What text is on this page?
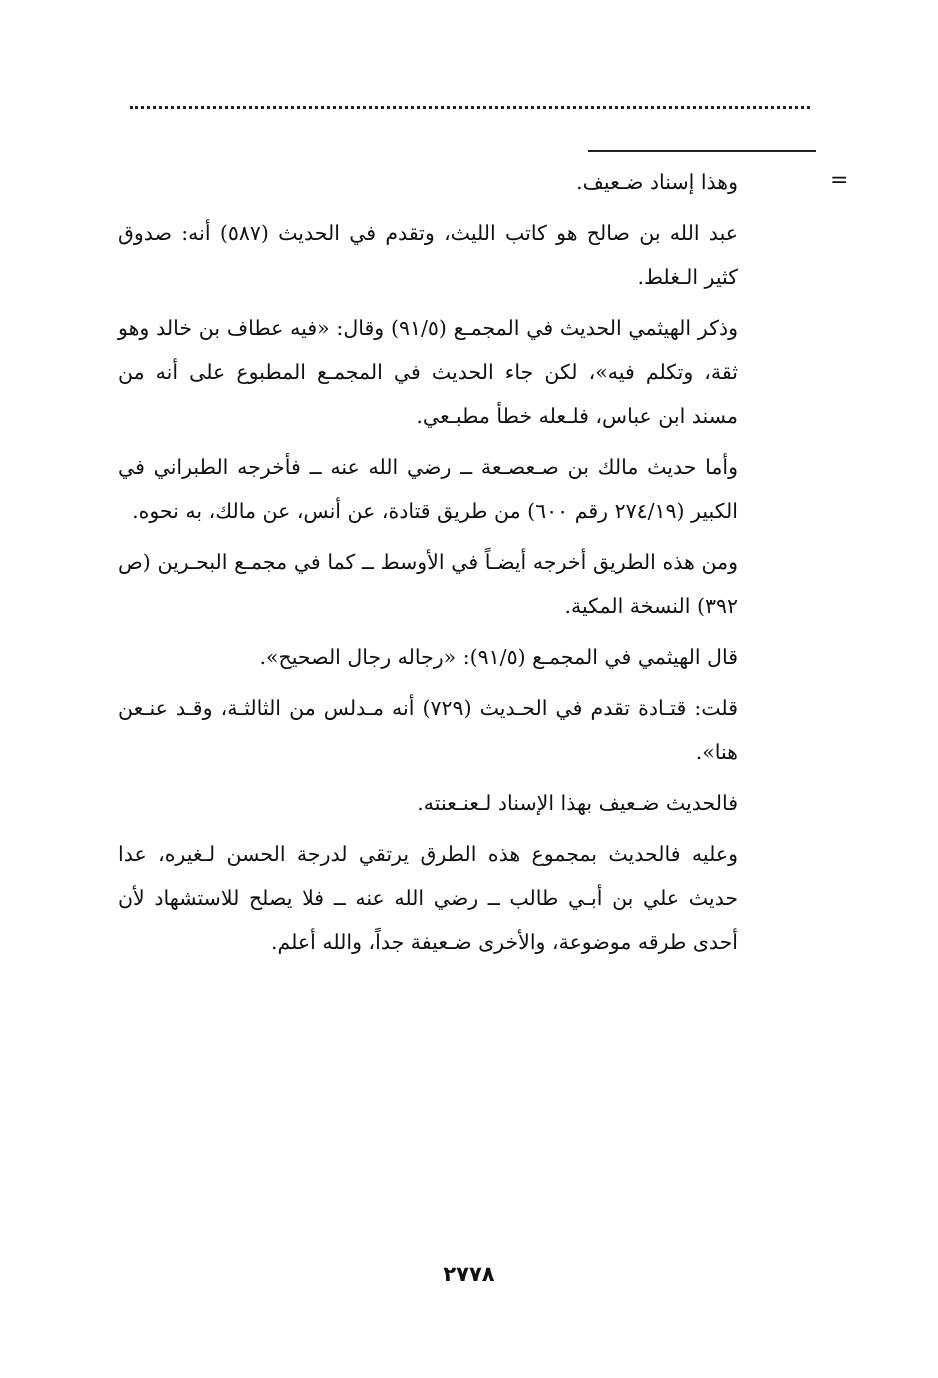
=

وهذا إسناد ضـعيف.

عبد الله بن صالح هو كاتب الليث، وتقدم في الحديث (٥٨٧) أنه: صدوق كثير الـغلط.

وذكر الهيثمي الحديث في المجمـع (٩١/٥) وقال: «فيه عطاف بن خالد وهو ثقة، وتكلم فيه»، لكن جاء الحديث في المجمـع المطبوع على أنه من مسند ابن عباس، فلـعله خطأ مطبـعي.

وأما حديث مالك بن صـعصـعة ــ رضي الله عنه ــ فأخرجه الطبراني في الكبير (٢٧٤/١٩ رقم ٦٠٠) من طريق قتادة، عن أنس، عن مالك، به نحوه.

ومن هذه الطريق أخرجه أيضـاً في الأوسط ــ كما في مجمـع البحـرين (ص ٣٩٢) النسخة المكية.

قال الهيثمي في المجمـع (٩١/٥): «رجاله رجال الصحيح».

قلت: قتـادة تقدم في الحـديث (٧٢٩) أنه مـدلس من الثالثـة، وقـد عنـعن هنا».

فالحديث ضـعيف بهذا الإسناد لـعنـعنته.

وعليه فالحديث بمجموع هذه الطرق يرتقي لدرجة الحسن لـغيره، عدا حديث علي بن أبـي طالب ــ رضي الله عنه ــ فلا يصلح للاستشهاد لأن أحدى طرقه موضوعة، والأخرى ضـعيفة جداً، والله أعلم.

٢٧٧٨
